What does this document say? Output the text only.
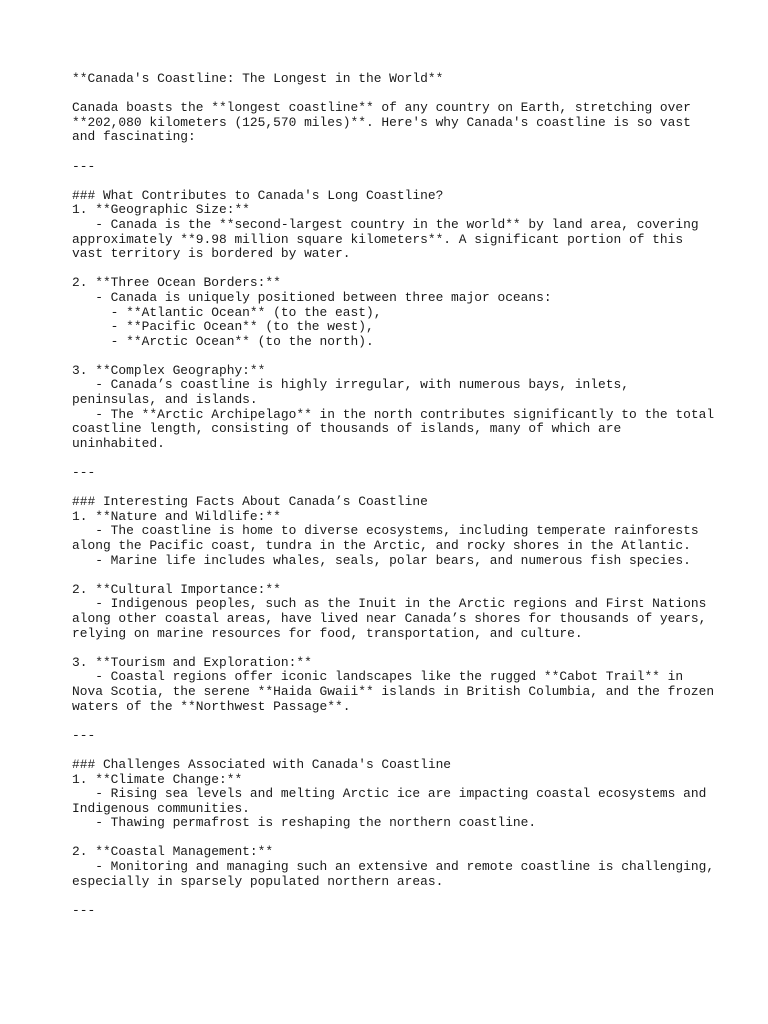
**Canada's Coastline: The Longest in the World**
Canada boasts the **longest coastline** of any country on Earth, stretching over
**202,080 kilometers (125,570 miles)**. Here's why Canada's coastline is so vast
and fascinating:
---
### What Contributes to Canada's Long Coastline?
1. **Geographic Size:**
- Canada is the **second-largest country in the world** by land area, covering
approximately **9.98 million square kilometers**. A significant portion of this
vast territory is bordered by water.
2. **Three Ocean Borders:**
- Canada is uniquely positioned between three major oceans:
- **Atlantic Ocean** (to the east),
- **Pacific Ocean** (to the west),
- **Arctic Ocean** (to the north).
3. **Complex Geography:**
- Canada’s coastline is highly irregular, with numerous bays, inlets,
peninsulas, and islands.
- The **Arctic Archipelago** in the north contributes significantly to the total
coastline length, consisting of thousands of islands, many of which are
uninhabited.
---
### Interesting Facts About Canada’s Coastline
1. **Nature and Wildlife:**
- The coastline is home to diverse ecosystems, including temperate rainforests
along the Pacific coast, tundra in the Arctic, and rocky shores in the Atlantic.
- Marine life includes whales, seals, polar bears, and numerous fish species.
2. **Cultural Importance:**
- Indigenous peoples, such as the Inuit in the Arctic regions and First Nations
along other coastal areas, have lived near Canada’s shores for thousands of years,
relying on marine resources for food, transportation, and culture.
3. **Tourism and Exploration:**
- Coastal regions offer iconic landscapes like the rugged **Cabot Trail** in
Nova Scotia, the serene **Haida Gwaii** islands in British Columbia, and the frozen
waters of the **Northwest Passage**.
---
### Challenges Associated with Canada's Coastline
1. **Climate Change:**
- Rising sea levels and melting Arctic ice are impacting coastal ecosystems and
Indigenous communities.
- Thawing permafrost is reshaping the northern coastline.
2. **Coastal Management:**
- Monitoring and managing such an extensive and remote coastline is challenging,
especially in sparsely populated northern areas.
---
